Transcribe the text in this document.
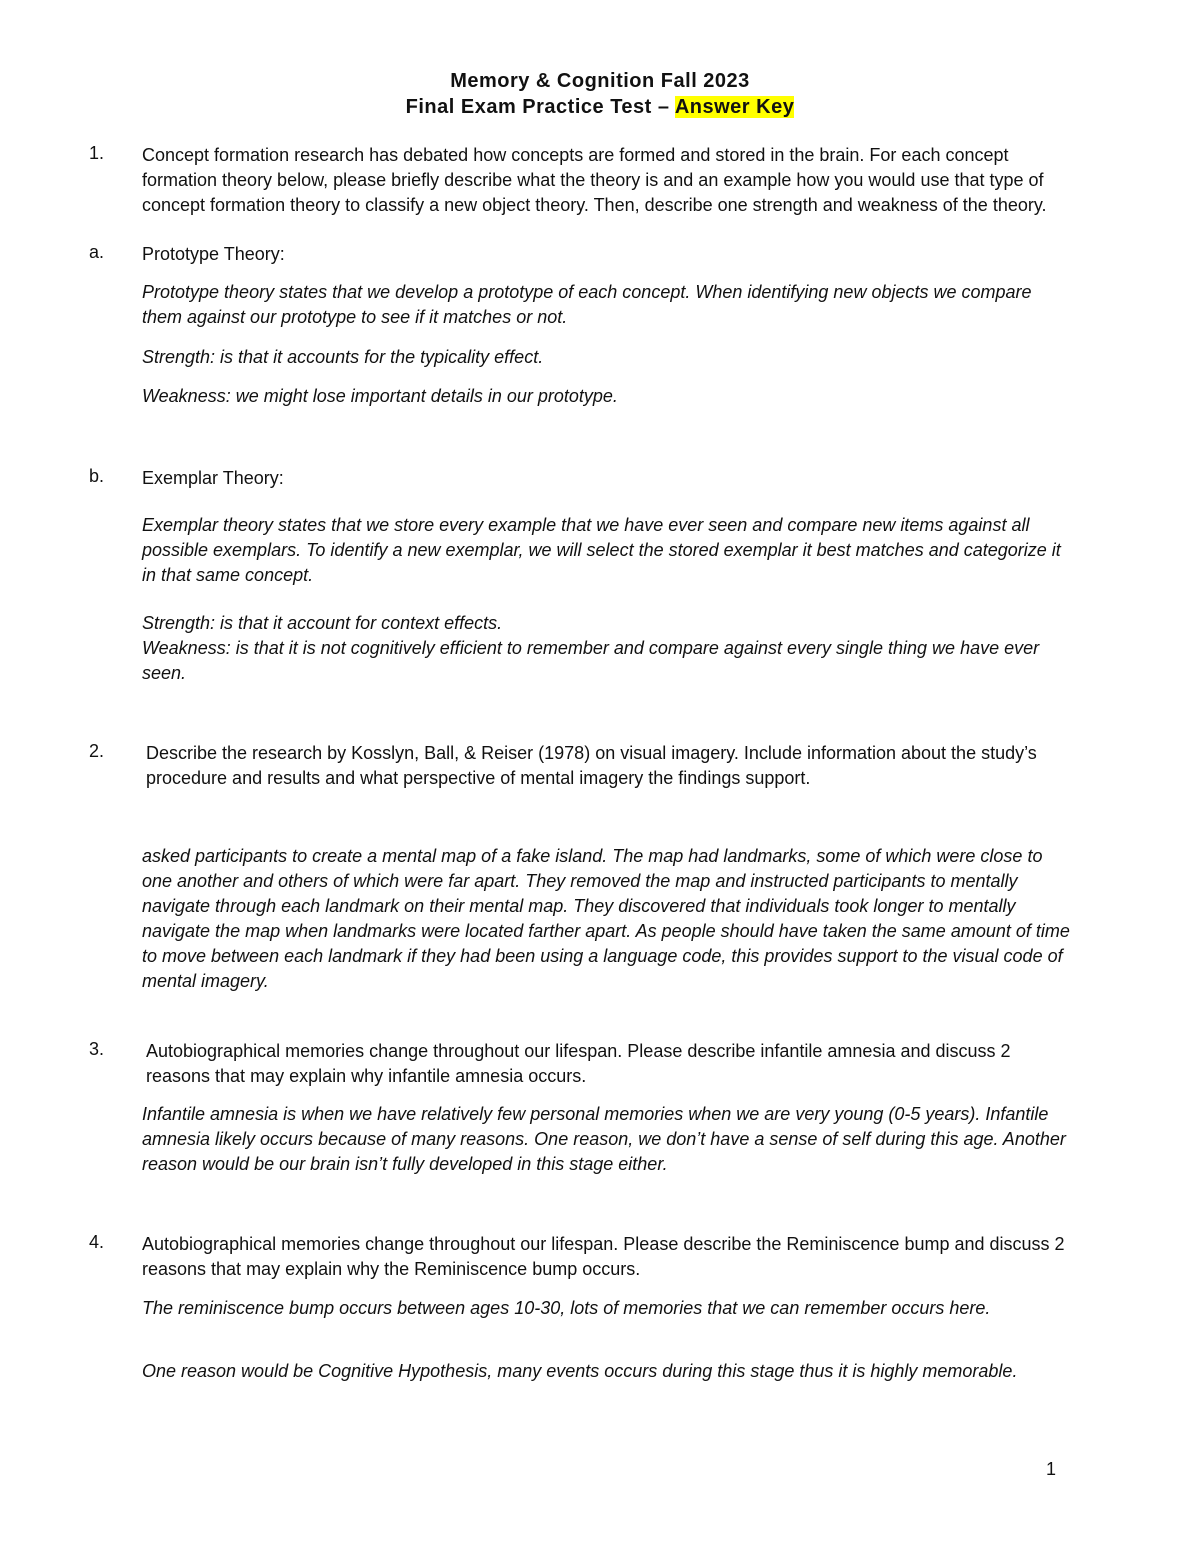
Memory & Cognition Fall 2023
Final Exam Practice Test – Answer Key
1. Concept formation research has debated how concepts are formed and stored in the brain. For each concept formation theory below, please briefly describe what the theory is and an example how you would use that type of concept formation theory to classify a new object theory. Then, describe one strength and weakness of the theory.
a. Prototype Theory:
Prototype theory states that we develop a prototype of each concept. When identifying new objects we compare them against our prototype to see if it matches or not.
Strength: is that it accounts for the typicality effect.
Weakness: we might lose important details in our prototype.
b. Exemplar Theory:
Exemplar theory states that we store every example that we have ever seen and compare new items against all possible exemplars. To identify a new exemplar, we will select the stored exemplar it best matches and categorize it in that same concept.
Strength: is that it account for context effects.
Weakness: is that it is not cognitively efficient to remember and compare against every single thing we have ever seen.
2. Describe the research by Kosslyn, Ball, & Reiser (1978) on visual imagery. Include information about the study’s procedure and results and what perspective of mental imagery the findings support.
asked participants to create a mental map of a fake island. The map had landmarks, some of which were close to one another and others of which were far apart. They removed the map and instructed participants to mentally navigate through each landmark on their mental map. They discovered that individuals took longer to mentally navigate the map when landmarks were located farther apart. As people should have taken the same amount of time to move between each landmark if they had been using a language code, this provides support to the visual code of mental imagery.
3. Autobiographical memories change throughout our lifespan. Please describe infantile amnesia and discuss 2 reasons that may explain why infantile amnesia occurs.
Infantile amnesia is when we have relatively few personal memories when we are very young (0-5 years). Infantile amnesia likely occurs because of many reasons. One reason, we don’t have a sense of self during this age. Another reason would be our brain isn’t fully developed in this stage either.
4. Autobiographical memories change throughout our lifespan. Please describe the Reminiscence bump and discuss 2 reasons that may explain why the Reminiscence bump occurs.
The reminiscence bump occurs between ages 10-30, lots of memories that we can remember occurs here.
One reason would be Cognitive Hypothesis, many events occurs during this stage thus it is highly memorable.
1
